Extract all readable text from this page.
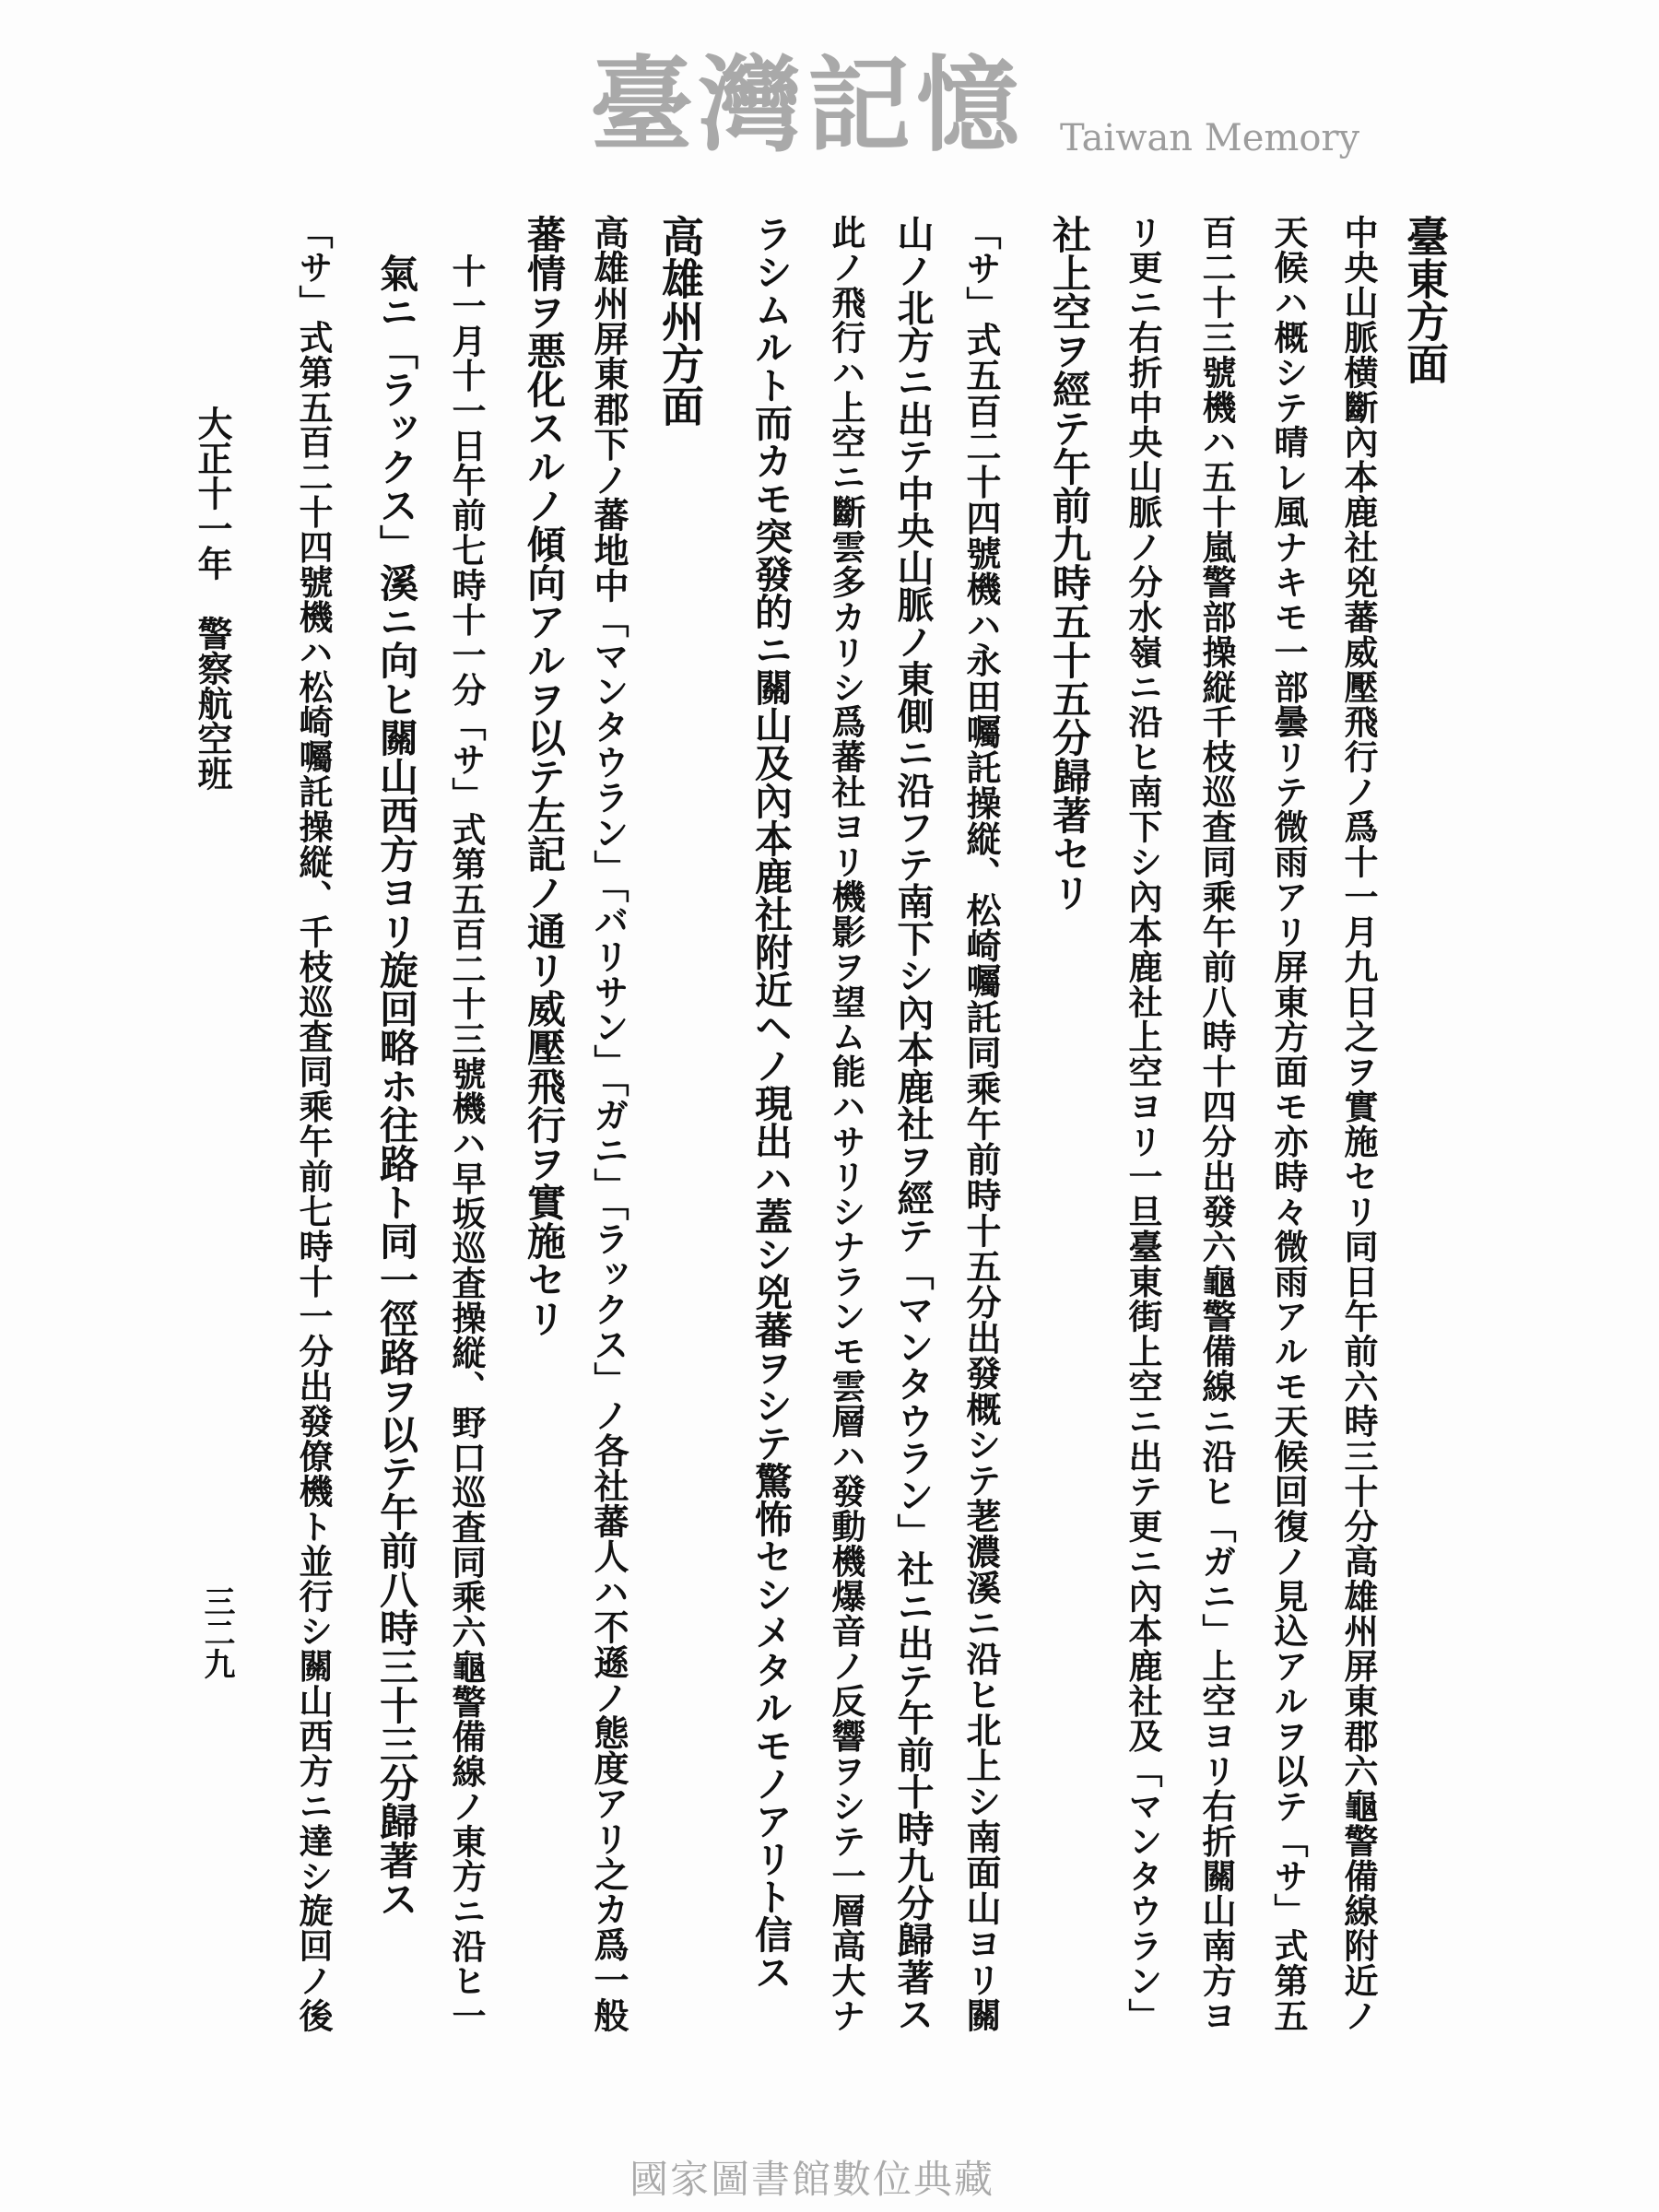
臺東方面
中央山脈横斷內本鹿社兇蕃威壓飛行ノ爲十一月九日之ヲ實施セリ同日午前六時三十分高雄州屏東郡六龜警備線附近ノ
天候ハ概シテ晴レ風ナキモ一部曇リテ微雨アリ屏東方面モ亦時々微雨アルモ天候回復ノ見込アルヲ以テ「サ」式第五
百二十三號機ハ五十嵐警部操縦千枝巡査同乘午前八時十四分出發六龜警備線ニ沿ヒ「ガニ」上空ヨリ右折關山南方ヨ
リ更ニ右折中央山脈ノ分水嶺ニ沿ヒ南下シ內本鹿社上空ヨリ一旦臺東街上空ニ出テ更ニ內本鹿社及「マンタウラン」
社上空ヲ經テ午前九時五十五分歸著セリ
「サ」式五百二十四號機ハ永田囑託操縦、松崎囑託同乘午前時十五分出發概シテ荖濃溪ニ沿ヒ北上シ南面山ヨリ關
山ノ北方ニ出テ中央山脈ノ東側ニ沿フテ南下シ內本鹿社ヲ經テ「マンタウラン」社ニ出テ午前十時九分歸著ス
此ノ飛行ハ上空ニ斷雲多カリシ爲蕃社ヨリ機影ヲ望ム能ハサリシナランモ雲層ハ發動機爆音ノ反響ヲシテ一層高大ナ
ラシムルト而カモ突發的ニ關山及內本鹿社附近ヘノ現出ハ蓋シ兇蕃ヲシテ驚怖セシメタルモノアリト信ス
高雄州方面
高雄州屏東郡下ノ蕃地中「マンタウラン」「バリサン」「ガニ」「ラックス」ノ各社蕃人ハ不遜ノ態度アリ之カ爲一般
蕃情ヲ悪化スルノ傾向アルヲ以テ左記ノ通リ威壓飛行ヲ實施セリ
十一月十一日午前七時十一分「サ」式第五百二十三號機ハ早坂巡査操縦、野口巡査同乘六龜警備線ノ東方ニ沿ヒ一
氣ニ「ラックス」溪ニ向ヒ關山西方ヨリ旋回略ホ往路ト同一徑路ヲ以テ午前八時三十三分歸著ス
「サ」式第五百二十四號機ハ松崎囑託操縦、千枝巡査同乘午前七時十一分出發僚機ト並行シ關山西方ニ達シ旋回ノ後
大正十一年　警察航空班
三二九
臺灣記憶 Taiwan Memory
國家圖書館數位典藏
